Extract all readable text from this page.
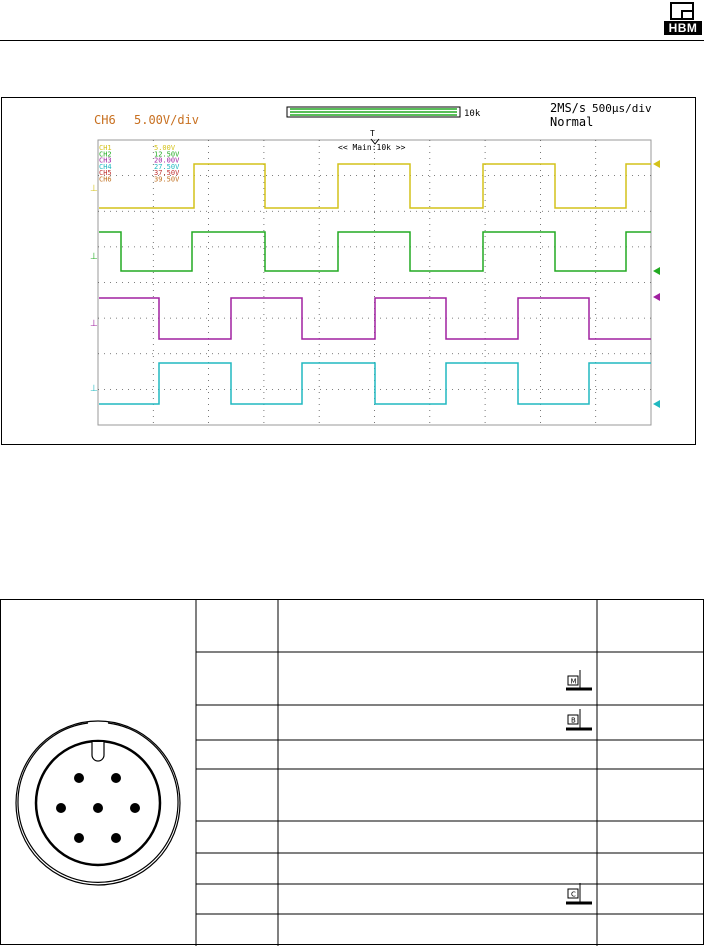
HBM
CH6 5.00V/div	10k	2MS/s 500µs/div
Normal
T
<< Main:10k >>
CH1	5.00V
CH2	12.50V
CH3	20.00V
CH4	27.50V
CH5	37.50V
CH6	39.50V
⊥
⊥
⊥
⊥
M
B
C
